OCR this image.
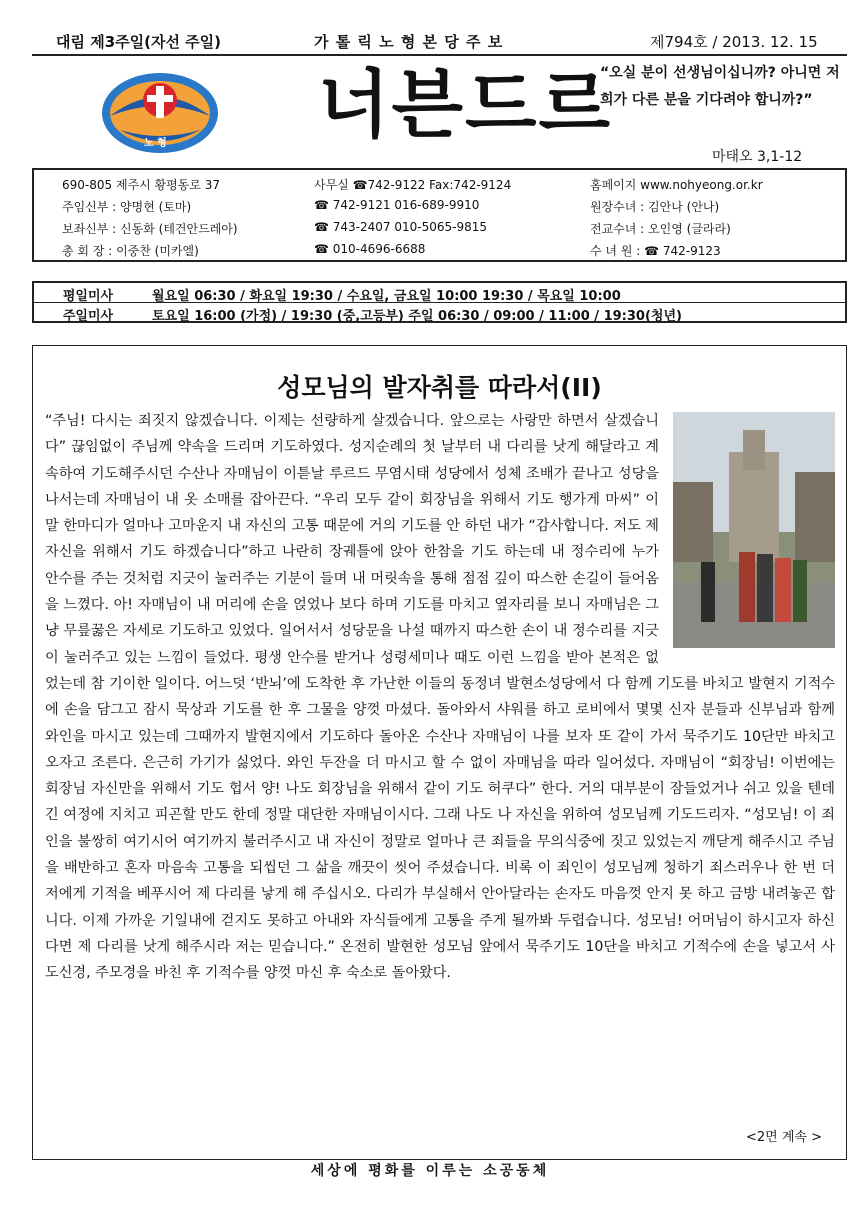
대림 제3주일(자선 주일)	가 톨 릭 노 형 본 당 주 보	제794호 / 2013. 12. 15
노 형 너븐드르
“오실 분이 선생님이십니까? 아니면 저희가 다른 분을 기다려야 합니까?”
마태오 3,1-12
690-805 제주시 황평동로 37	사무실 ☎742-9122 Fax:742-9124	홈페이지 www.nohyeong.or.kr
주임신부 : 양명현 (토마)	☎ 742-9121 016-689-9910	원장수녀 : 김안나 (안나)
보좌신부 : 신동화 (테건안드레아)	☎ 743-2407 010-5065-9815	전교수녀 : 오인영 (글라라)
총 회 장 : 이중찬 (미카엘)	☎ 010-4696-6688	수 녀 원 : ☎ 742-9123
평일미사	월요일 06:30 / 화요일 19:30 / 수요일, 금요일 10:00 19:30 / 목요일 10:00
주일미사	토요일 16:00 (가정) / 19:30 (중,고등부) 주일 06:30 / 09:00 / 11:00 / 19:30(청년)
성모님의 발자취를 따라서(II)
“주님! 다시는 죄짓지 않겠습니다. 이제는 선량하게 살겠습니다. 앞으로는 사랑만 하면서 살겠습니다” 끊임없이 주님께 약속을 드리며 기도하였다. 성지순례의 첫 날부터 내 다리를 낫게 해달라고 계속하여 기도해주시던 수산나 자매님이 이튿날 루르드 무염시태 성당에서 성체 조배가 끝나고 성당을 나서는데 자매님이 내 옷 소매를 잡아끈다. “우리 모두 같이 회장님을 위해서 기도 행가게 마씨” 이말 한마디가 얼마나 고마운지 내 자신의 고통 때문에 거의 기도를 안 하던 내가 “감사합니다. 저도 제 자신을 위해서 기도 하겠습니다”하고 나란히 장궤틀에 앉아 한참을 기도 하는데 내 정수리에 누가 안수를 주는 것처럼 지긋이 눌러주는 기분이 들며 내 머릿속을 통해 점점 깊이 따스한 손길이 들어옴을 느꼈다. 아! 자매님이 내 머리에 손을 얹었나 보다 하며 기도를 마치고 옆자리를 보니 자매님은 그냥 무릎꿇은 자세로 기도하고 있었다. 일어서서 성당문을 나설 때까지 따스한 손이 내 정수리를 지긋이 눌러주고 있는 느낌이 들었다. 평생 안수를 받거나 성령세미나 때도 이런 느낌을 받아 본적은 없었는데 참 기이한 일이다. 어느덧 ‘반뇌’에 도착한 후 가난한 이들의 동정녀 발현소성당에서 다 함께 기도를 바치고 발현지 기적수에 손을 담그고 잠시 묵상과 기도를 한 후 그물을 양껏 마셨다. 돌아와서 샤워를 하고 로비에서 몇몇 신자 분들과 신부님과 함께 와인을 마시고 있는데 그때까지 발현지에서 기도하다 돌아온 수산나 자매님이 나를 보자 또 같이 가서 묵주기도 10단만 바치고 오자고 조른다. 은근히 가기가 싫었다. 와인 두잔을 더 마시고 할 수 없이 자매님을 따라 일어섰다. 자매님이 “회장님! 이번에는 회장님 자신만을 위해서 기도 헙서 양! 나도 회장님을 위해서 같이 기도 허쿠다” 한다. 거의 대부분이 잠들었거나 쉬고 있을 텐데 긴 여정에 지치고 피곤할 만도 한데 정말 대단한 자매님이시다. 그래 나도 나 자신을 위하여 성모님께 기도드리자. “성모님! 이 죄인을 불쌍히 여기시어 여기까지 불러주시고 내 자신이 정말로 얼마나 큰 죄들을 무의식중에 짓고 있었는지 깨닫게 해주시고 주님을 배반하고 혼자 마음속 고통을 되씹던 그 삶을 깨끗이 씻어 주셨습니다. 비록 이 죄인이 성모님께 청하기 죄스러우나 한 번 더 저에게 기적을 베푸시어 제 다리를 낳게 해 주십시오. 다리가 부실해서 안아달라는 손자도 마음껏 안지 못 하고 금방 내려놓곤 합니다. 이제 가까운 기일내에 걷지도 못하고 아내와 자식들에게 고통을 주게 될까봐 두렵습니다. 성모님! 어머님이 하시고자 하신다면 제 다리를 낫게 해주시라 저는 믿습니다.” 온전히 발현한 성모님 앞에서 묵주기도 10단을 바치고 기적수에 손을 넣고서 사도신경, 주모경을 바친 후 기적수를 양껏 마신 후 숙소로 돌아왔다.
<2면 계속 >
세상에 평화를 이루는 소공동체
